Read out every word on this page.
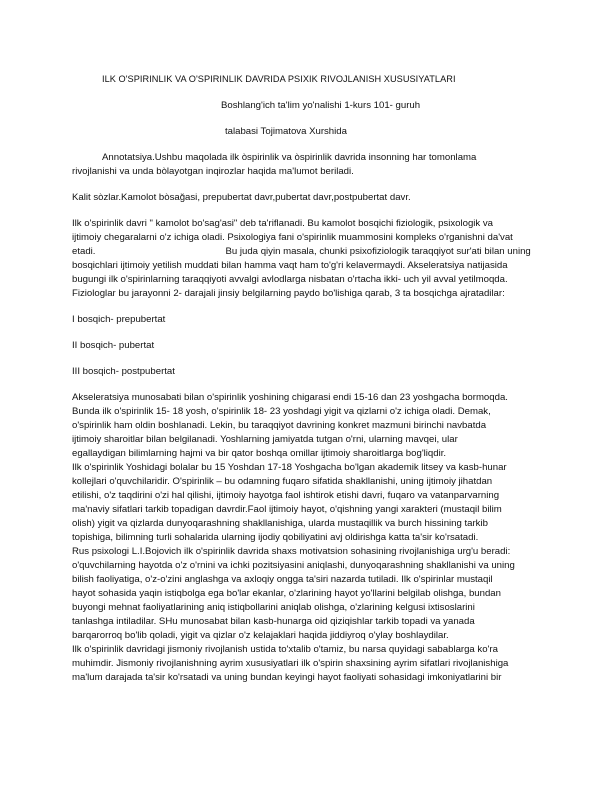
ILK O'SPIRINLIK VA O'SPIRINLIK DAVRIDA PSIXIK RIVOJLANISH XUSUSIYATLARI
Boshlang'ich ta'lim yo'nalishi 1-kurs 101- guruh
talabasi Tojimatova Xurshida

Annotatsiya.Ushbu maqolada ilk òspirinlik va òspirinlik davrida insonning har tomonlama
rivojlanishi va unda bòlayotgan inqirozlar haqida ma'lumot beriladi.

Kalit sòzlar.Kamolot bòsağasi, prepubertat davr,pubertat davr,postpubertat davr.

Ilk o'spirinlik davri " kamolot bo'sag'asi" deb ta'riflanadi. Bu kamolot bosqichi fiziologik, psixologik va
ijtimoiy chegaralarni o'z ichiga oladi. Psixologiya fani o'spirinlik muammosini kompleks o'rganishni da'vat
etadi.	Bu juda qiyin masala, chunki psixofiziologik taraqqiyot sur'ati bilan uning
bosqichlari ijtimoiy yetilish muddati bilan hamma vaqt ham to'g'ri kelavermaydi. Akseleratsiya natijasida
bugungi ilk o'spirinlarning taraqqiyoti avvalgi avlodlarga nisbatan o'rtacha ikki- uch yil avval yetilmoqda.
Fiziologlar bu jarayonni 2- darajali jinsiy belgilarning paydo bo'lishiga qarab, 3 ta bosqichga ajratadilar:

I bosqich- prepubertat

II bosqich- pubertat

III bosqich- postpubertat

Akseleratsiya munosabati bilan o'spirinlik yoshining chigarasi endi 15-16 dan 23 yoshgacha bormoqda.
Bunda ilk o'spirinlik 15- 18 yosh, o'spirinlik 18- 23 yoshdagi yigit va qizlarni o'z ichiga oladi. Demak,
o'spirinlik ham oldin boshlanadi. Lekin, bu taraqqiyot davrining konkret mazmuni birinchi navbatda
ijtimoiy sharoitlar bilan belgilanadi. Yoshlarning jamiyatda tutgan o'rni, ularning mavqei, ular
egallaydigan bilimlarning hajmi va bir qator boshqa omillar ijtimoiy sharoitlarga bog'liqdir.
Ilk o'spirinlik Yoshidagi bolalar bu 15 Yoshdan 17-18 Yoshgacha bo'lgan akademik litsey va kasb-hunar
kollejlari o'quvchilaridir. O'spirinlik – bu odamning fuqaro sifatida shakllanishi, uning ijtimoiy jihatdan
etilishi, o'z taqdirini o'zi hal qilishi, ijtimoiy hayotga faol ishtirok etishi davri, fuqaro va vatanparvarning
ma'naviy sifatlari tarkib topadigan davrdir.Faol ijtimoiy hayot, o'qishning yangi xarakteri (mustaqil bilim
olish) yigit va qizlarda dunyoqarashning shakllanishiga, ularda mustaqillik va burch hissining tarkib
topishiga, bilimning turli sohalarida ularning ijodiy qobiliyatini avj oldirishga katta ta'sir ko'rsatadi.
Rus psixologi L.I.Bojovich ilk o'spirinlik davrida shaxs motivatsion sohasining rivojlanishiga urg'u beradi:
o'quvchilarning hayotda o'z o'rnini va ichki pozitsiyasini aniqlashi, dunyoqarashning shakllanishi va uning
bilish faoliyatiga, o'z-o'zini anglashga va axloqiy ongga ta'siri nazarda tutiladi. Ilk o'spirinlar mustaqil
hayot sohasida yaqin istiqbolga ega bo'lar ekanlar, o'zlarining hayot yo'llarini belgilab olishga, bundan
buyongi mehnat faoliyatlarining aniq istiqbollarini aniqlab olishga, o'zlarining kelgusi ixtisoslarini
tanlashga intiladilar. SHu munosabat bilan kasb-hunarga oid qiziqishlar tarkib topadi va yanada
barqarorroq bo'lib qoladi, yigit va qizlar o'z kelajaklari haqida jiddiyroq o'ylay boshlaydilar.
Ilk o'spirinlik davridagi jismoniy rivojlanish ustida to'xtalib o'tamiz, bu narsa quyidagi sabablarga ko'ra
muhimdir. Jismoniy rivojlanishning ayrim xususiyatlari ilk o'spirin shaxsining ayrim sifatlari rivojlanishiga
ma'lum darajada ta'sir ko'rsatadi va uning bundan keyingi hayot faoliyati sohasidagi imkoniyatlarini bir
